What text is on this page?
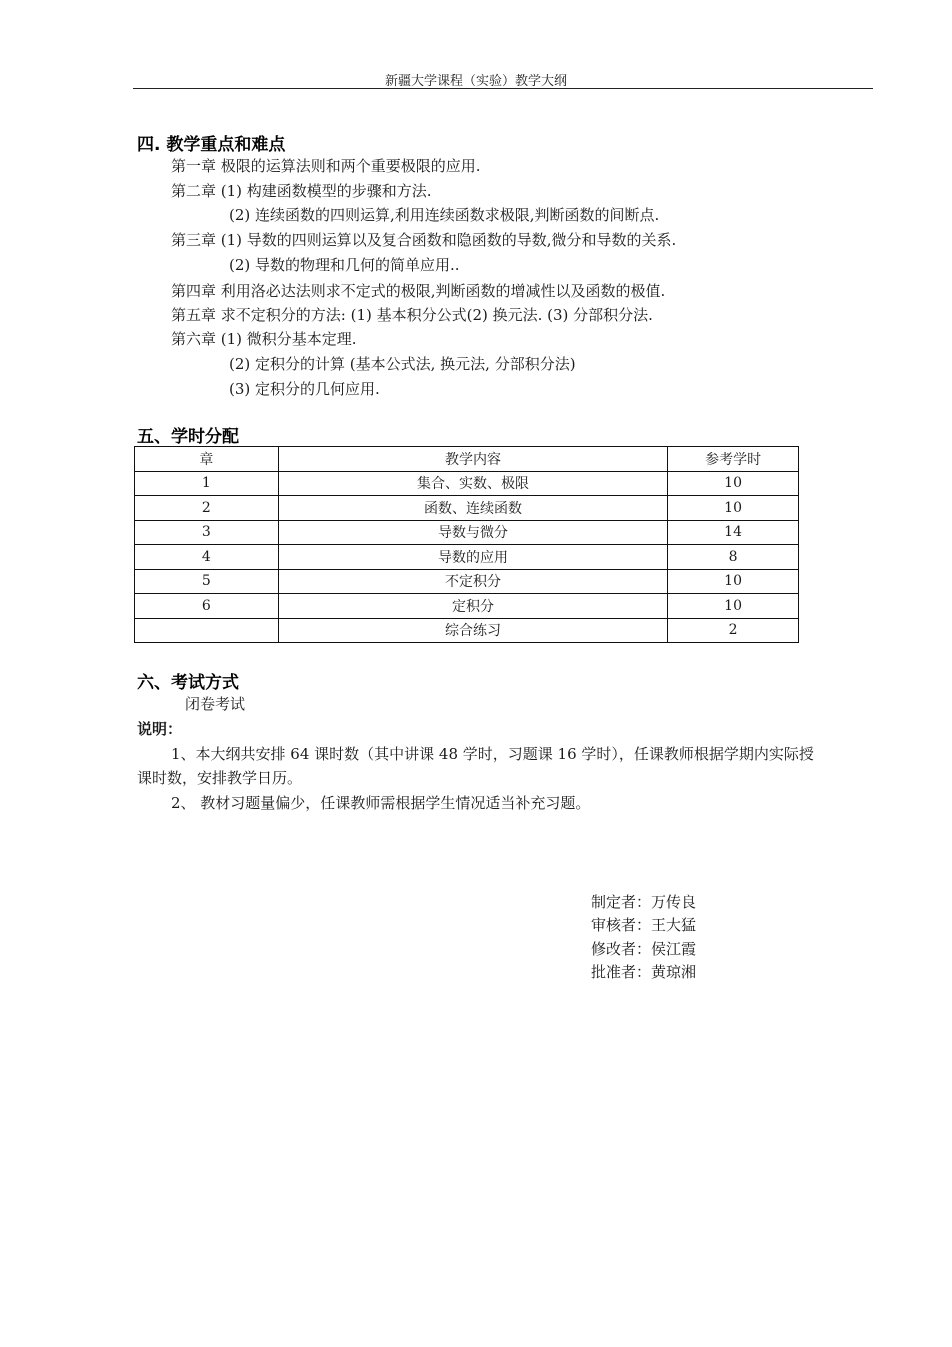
新疆大学课程（实验）教学大纲
四. 教学重点和难点
第一章 极限的运算法则和两个重要极限的应用.
第二章 (1) 构建函数模型的步骤和方法.
(2) 连续函数的四则运算,利用连续函数求极限,判断函数的间断点.
第三章 (1) 导数的四则运算以及复合函数和隐函数的导数,微分和导数的关系.
(2) 导数的物理和几何的简单应用..
第四章 利用洛必达法则求不定式的极限,判断函数的增减性以及函数的极值.
第五章 求不定积分的方法: (1) 基本积分公式(2) 换元法. (3) 分部积分法.
第六章 (1) 微积分基本定理.
(2) 定积分的计算 (基本公式法, 换元法, 分部积分法)
(3) 定积分的几何应用.
五、学时分配
章	教学内容	参考学时
1	集合、实数、极限	10
2	函数、连续函数	10
3	导数与微分	14
4	导数的应用	8
5	不定积分	10
6	定积分	10
	综合练习	2
六、考试方式
闭卷考试
说明：
1、本大纲共安排 64 课时数（其中讲课 48 学时，习题课 16 学时），任课教师根据学期内实际授
课时数，安排教学日历。
2、 教材习题量偏少，任课教师需根据学生情况适当补充习题。
制定者：万传良
审核者：王大猛
修改者：侯江霞
批准者：黄琼湘
